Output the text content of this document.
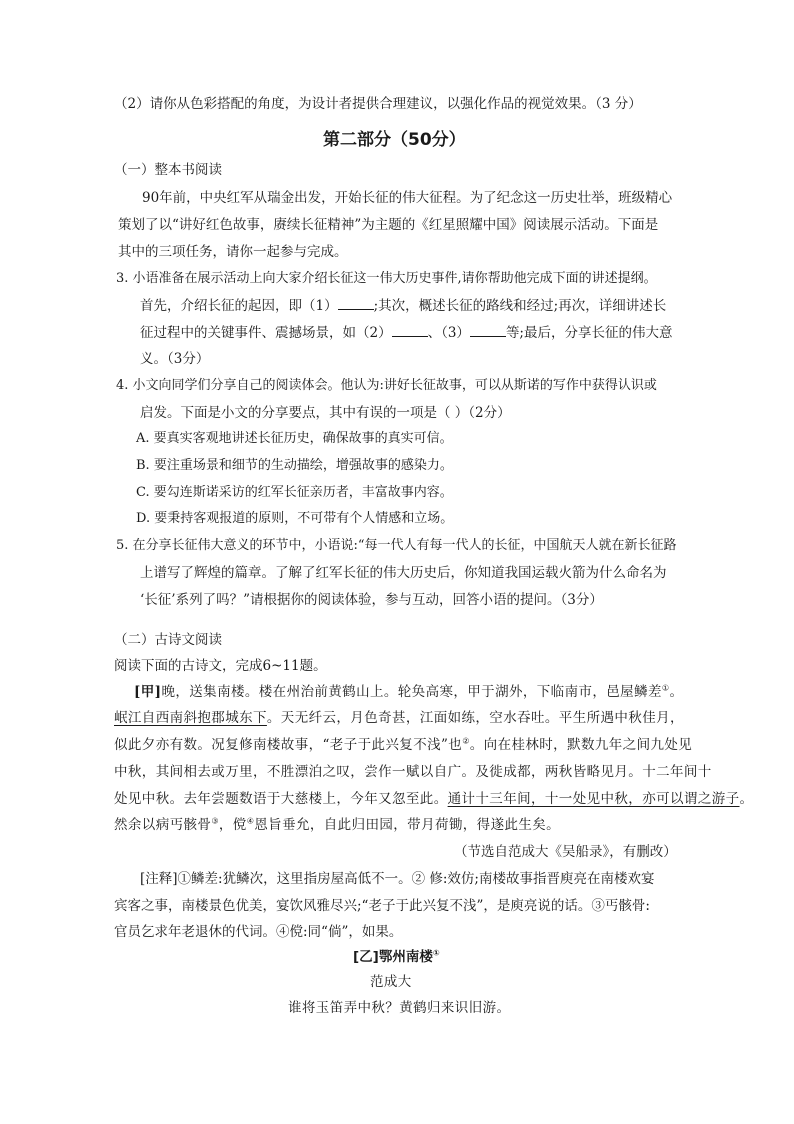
（2）请你从色彩搭配的角度，为设计者提供合理建议，以强化作品的视觉效果。（3 分）
第二部分（50分）
（一）整本书阅读
90年前，中央红军从瑞金出发，开始长征的伟大征程。为了纪念这一历史壮举，班级精心
策划了以“讲好红色故事，赓续长征精神”为主题的《红星照耀中国》阅读展示活动。下面是
其中的三项任务，请你一起参与完成。
3. 小语准备在展示活动上向大家介绍长征这一伟大历史事件,请你帮助他完成下面的讲述提纲。
首先，介绍长征的起因，即（1）	;其次，概述长征的路线和经过;再次，详细讲述长
征过程中的关键事件、震撼场景，如（2）	、（3）	等;最后，分享长征的伟大意
义。（3分）
4. 小文向同学们分享自己的阅读体会。他认为:讲好长征故事，可以从斯诺的写作中获得认识或
启发。下面是小文的分享要点，其中有误的一项是（ ）（2分）
A. 要真实客观地讲述长征历史，确保故事的真实可信。
B. 要注重场景和细节的生动描绘，增强故事的感染力。
C. 要勾连斯诺采访的红军长征亲历者，丰富故事内容。
D. 要秉持客观报道的原则，不可带有个人情感和立场。
5. 在分享长征伟大意义的环节中，小语说:“每一代人有每一代人的长征，中国航天人就在新长征路
上谱写了辉煌的篇章。了解了红军长征的伟大历史后，你知道我国运载火箭为什么命名为
‘长征’系列了吗？”请根据你的阅读体验，参与互动，回答小语的提问。（3分）
（二）古诗文阅读
阅读下面的古诗文，完成6~11题。
[甲]晚，送集南楼。楼在州治前黄鹤山上。轮奂高寒，甲于湖外，下临南市，邑屋鳞差①。
岷江自西南斜抱郡城东下。天无纤云，月色奇甚，江面如练，空水吞吐。平生所遇中秋佳月，
似此夕亦有数。况复修南楼故事，“老子于此兴复不浅”也②。向在桂林时，默数九年之间九处见
中秋，其间相去或万里，不胜漂泊之叹，尝作一赋以自广。及徙成都，两秋皆略见月。十二年间十
处见中秋。去年尝题数语于大慈楼上，今年又忽至此。通计十三年间，十一处见中秋，亦可以谓之游子。
然余以病丐骸骨③，傥④恩旨垂允，自此归田园，带月荷锄，得遂此生矣。
（节选自范成大《吴船录》，有删改）
[注释]①鳞差:犹鳞次，这里指房屋高低不一。② 修:效仿;南楼故事指晋庾亮在南楼欢宴
宾客之事，南楼景色优美，宴饮风雅尽兴;“老子于此兴复不浅”，是庾亮说的话。③丐骸骨:
官员乞求年老退休的代词。④傥:同“倘”，如果。
[乙]鄂州南楼①
范成大
谁将玉笛弄中秋？黄鹤归来识旧游。
